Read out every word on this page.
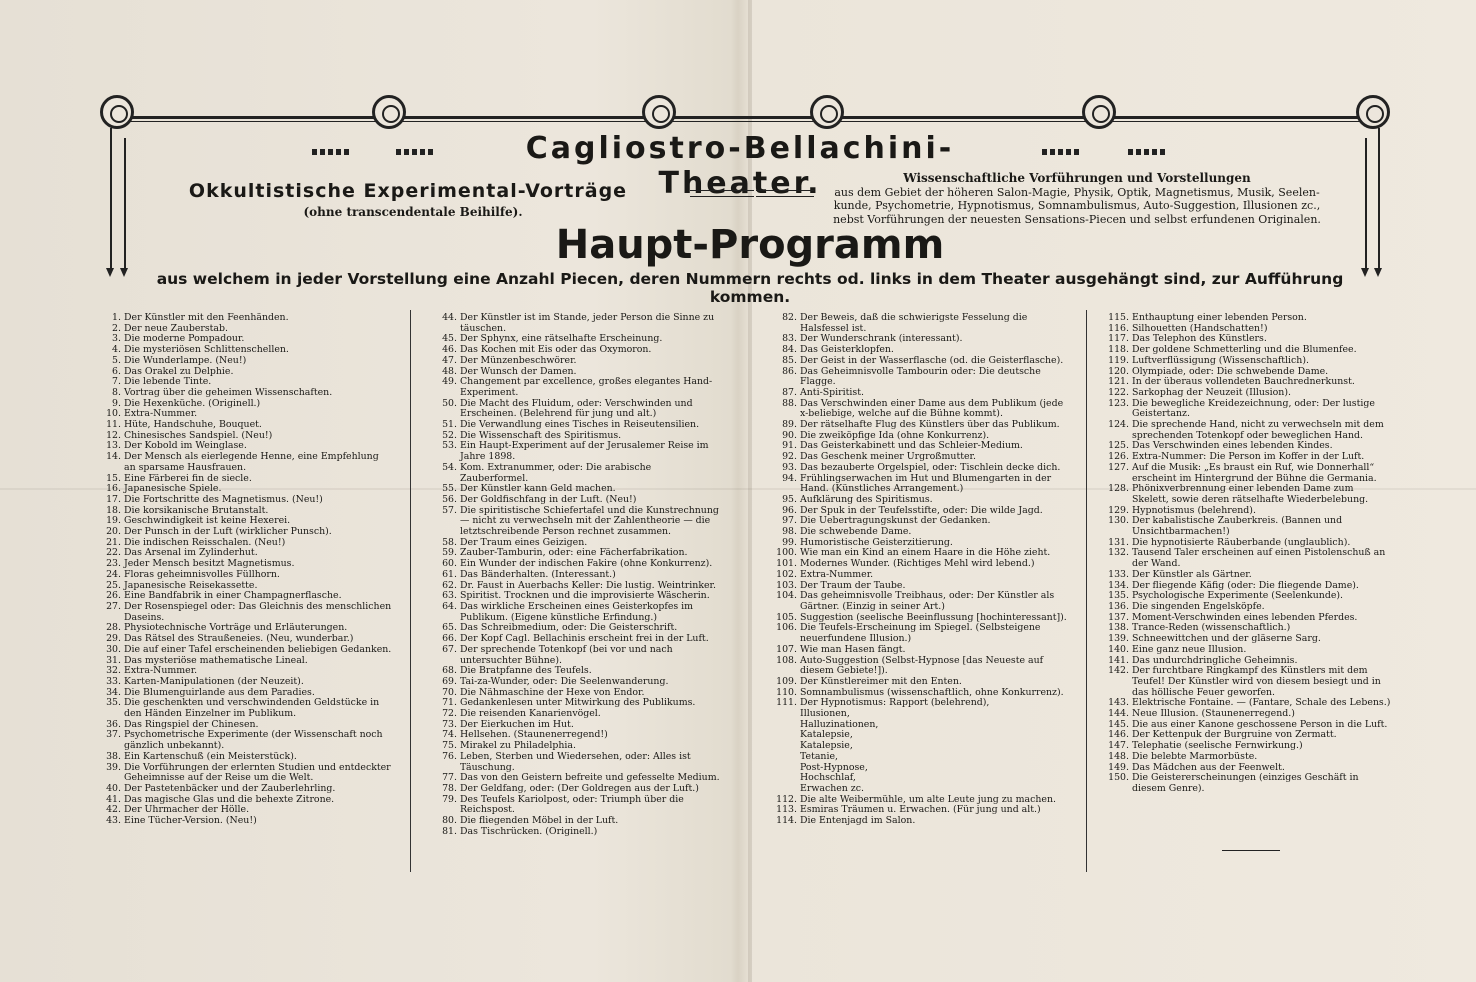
Cagliostro-Bellachini-Theater.
Okkultistische Experimental-Vorträge
(ohne transcendentale Beihilfe).
Wissenschaftliche Vorführungen und Vorstellungen
aus dem Gebiet der höheren Salon-Magie, Physik, Optik, Magnetismus, Musik, Seelen-
kunde, Psychometrie, Hypnotismus, Somnambulismus, Auto-Suggestion, Illusionen zc.,
nebst Vorführungen der neuesten Sensations-Piecen und selbst erfundenen Originalen.
Haupt-Programm
aus welchem in jeder Vorstellung eine Anzahl Piecen, deren Nummern rechts od. links in dem Theater ausgehängt sind, zur Aufführung kommen.
1. Der Künstler mit den Feenhänden.
2. Der neue Zauberstab.
3. Die moderne Pompadour.
4. Die mysteriösen Schlittenschellen.
5. Die Wunderlampe. (Neu!)
6. Das Orakel zu Delphie.
7. Die lebende Tinte.
8. Vortrag über die geheimen Wissenschaften.
9. Die Hexenküche. (Originell.)
10. Extra-Nummer.
11. Hüte, Handschuhe, Bouquet.
12. Chinesisches Sandspiel. (Neu!)
13. Der Kobold im Weinglase.
14. Der Mensch als eierlegende Henne, eine Empfehlung an sparsame Hausfrauen.
15. Eine Färberei fin de siecle.
16. Japanesische Spiele.
17. Die Fortschritte des Magnetismus. (Neu!)
18. Die korsikanische Brutanstalt.
19. Geschwindigkeit ist keine Hexerei.
20. Der Punsch in der Luft (wirklicher Punsch).
21. Die indischen Reisschalen. (Neu!)
22. Das Arsenal im Zylinderhut.
23. Jeder Mensch besitzt Magnetismus.
24. Floras geheimnisvolles Füllhorn.
25. Japanesische Reisekassette.
26. Eine Bandfabrik in einer Champagnerflasche.
27. Der Rosenspiegel oder: Das Gleichnis des menschlichen Daseins.
28. Physiotechnische Vorträge und Erläuterungen.
29. Das Rätsel des Straußeneies. (Neu, wunderbar.)
30. Die auf einer Tafel erscheinenden beliebigen Gedanken.
31. Das mysteriöse mathematische Lineal.
32. Extra-Nummer.
33. Karten-Manipulationen (der Neuzeit).
34. Die Blumenguirlande aus dem Paradies.
35. Die geschenkten und verschwindenden Geldstücke in den Händen Einzelner im Publikum.
36. Das Ringspiel der Chinesen.
37. Psychometrische Experimente (der Wissenschaft noch gänzlich unbekannt).
38. Ein Kartenschuß (ein Meisterstück).
39. Die Vorführungen der erlernten Studien und entdeckter Geheimnisse auf der Reise um die Welt.
40. Der Pastetenbäcker und der Zauberlehrling.
41. Das magische Glas und die behexte Zitrone.
42. Der Uhrmacher der Hölle.
43. Eine Tücher-Version. (Neu!)
44. Der Künstler ist im Stande, jeder Person die Sinne zu täuschen.
45. Der Sphynx, eine rätselhafte Erscheinung.
46. Das Kochen mit Eis oder das Oxymoron.
47. Der Münzenbeschwörer.
48. Der Wunsch der Damen.
49. Changement par excellence, großes elegantes Hand-Experiment.
50. Die Macht des Fluidum, oder: Verschwinden und Erscheinen. (Belehrend für jung und alt.)
51. Die Verwandlung eines Tisches in Reiseutensilien.
52. Die Wissenschaft des Spiritismus.
53. Ein Haupt-Experiment auf der Jerusalemer Reise im Jahre 1898.
54. Kom. Extranummer, oder: Die arabische Zauberformel.
55. Der Künstler kann Geld machen.
56. Der Goldfischfang in der Luft. (Neu!)
57. Die spiritistische Schiefertafel und die Kunstrechnung — nicht zu verwechseln mit der Zahlentheorie — die letztschreibende Person rechnet zusammen.
58. Der Traum eines Geizigen.
59. Zauber-Tamburin, oder: eine Fächerfabrikation.
60. Ein Wunder der indischen Fakire (ohne Konkurrenz).
61. Das Bänderhalten. (Interessant.)
62. Dr. Faust in Auerbachs Keller: Die lustig. Weintrinker.
63. Spiritist. Trocknen und die improvisierte Wäscherin.
64. Das wirkliche Erscheinen eines Geisterkopfes im Publikum. (Eigene künstliche Erfindung.)
65. Das Schreibmedium, oder: Die Geisterschrift.
66. Der Kopf Cagl. Bellachinis erscheint frei in der Luft.
67. Der sprechende Totenkopf (bei vor und nach untersuchter Bühne).
68. Die Bratpfanne des Teufels.
69. Tai-za-Wunder, oder: Die Seelenwanderung.
70. Die Nähmaschine der Hexe von Endor.
71. Gedankenlesen unter Mitwirkung des Publikums.
72. Die reisenden Kanarienvögel.
73. Der Eierkuchen im Hut.
74. Hellsehen. (Staunenerregend!)
75. Mirakel zu Philadelphia.
76. Leben, Sterben und Wiedersehen, oder: Alles ist Täuschung.
77. Das von den Geistern befreite und gefesselte Medium.
78. Der Geldfang, oder: (Der Goldregen aus der Luft.)
79. Des Teufels Kariolpost, oder: Triumph über die Reichspost.
80. Die fliegenden Möbel in der Luft.
81. Das Tischrücken. (Originell.)
82. Der Beweis, daß die schwierigste Fesselung die Halsfessel ist.
83. Der Wunderschrank (interessant).
84. Das Geisterklopfen.
85. Der Geist in der Wasserflasche (od. die Geisterflasche).
86. Das Geheimnisvolle Tambourin oder: Die deutsche Flagge.
87. Anti-Spiritist.
88. Das Verschwinden einer Dame aus dem Publikum (jede x-beliebige, welche auf die Bühne kommt).
89. Der rätselhafte Flug des Künstlers über das Publikum.
90. Die zweiköpfige Ida (ohne Konkurrenz).
91. Das Geisterkabinett und das Schleier-Medium.
92. Das Geschenk meiner Urgroßmutter.
93. Das bezauberte Orgelspiel, oder: Tischlein decke dich.
94. Frühlingserwachen im Hut und Blumengarten in der Hand. (Künstliches Arrangement.)
95. Aufklärung des Spiritismus.
96. Der Spuk in der Teufelsstifte, oder: Die wilde Jagd.
97. Die Uebertragungskunst der Gedanken.
98. Die schwebende Dame.
99. Humoristische Geisterzitierung.
100. Wie man ein Kind an einem Haare in die Höhe zieht.
101. Modernes Wunder. (Richtiges Mehl wird lebend.)
102. Extra-Nummer.
103. Der Traum der Taube.
104. Das geheimnisvolle Treibhaus, oder: Der Künstler als Gärtner. (Einzig in seiner Art.)
105. Suggestion (seelische Beeinflussung [hochinteressant]).
106. Die Teufels-Erscheinung im Spiegel. (Selbsteigene neuerfundene Illusion.)
107. Wie man Hasen fängt.
108. Auto-Suggestion (Selbst-Hypnose [das Neueste auf diesem Gebiete!]).
109. Der Künstlereimer mit den Enten.
110. Somnambulismus (wissenschaftlich, ohne Konkurrenz).
111. Der Hypnotismus: Rapport (belehrend),
Illusionen,
Halluzinationen,
Katalepsie,
Katalepsie,
Tetanie,
Post-Hypnose,
Hochschlaf,
Erwachen zc.
112. Die alte Weibermühle, um alte Leute jung zu machen.
113. Esmiras Träumen u. Erwachen. (Für jung und alt.)
114. Die Entenjagd im Salon.
115. Enthauptung einer lebenden Person.
116. Silhouetten (Handschatten!)
117. Das Telephon des Künstlers.
118. Der goldene Schmetterling und die Blumenfee.
119. Luftverflüssigung (Wissenschaftlich).
120. Olympiade, oder: Die schwebende Dame.
121. In der überaus vollendeten Bauchrednerkunst.
122. Sarkophag der Neuzeit (Illusion).
123. Die bewegliche Kreidezeichnung, oder: Der lustige Geistertanz.
124. Die sprechende Hand, nicht zu verwechseln mit dem sprechenden Totenkopf oder beweglichen Hand.
125. Das Verschwinden eines lebenden Kindes.
126. Extra-Nummer: Die Person im Koffer in der Luft.
127. Auf die Musik: „Es braust ein Ruf, wie Donnerhall“ erscheint im Hintergrund der Bühne die Germania.
128. Phönixverbrennung einer lebenden Dame zum Skelett, sowie deren rätselhafte Wiederbelebung.
129. Hypnotismus (belehrend).
130. Der kabalistische Zauberkreis. (Bannen und Unsichtbarmachen!)
131. Die hypnotisierte Räuberbande (unglaublich).
132. Tausend Taler erscheinen auf einen Pistolenschuß an der Wand.
133. Der Künstler als Gärtner.
134. Der fliegende Käfig (oder: Die fliegende Dame).
135. Psychologische Experimente (Seelenkunde).
136. Die singenden Engelsköpfe.
137. Moment-Verschwinden eines lebenden Pferdes.
138. Trance-Reden (wissenschaftlich.)
139. Schneewittchen und der gläserne Sarg.
140. Eine ganz neue Illusion.
141. Das undurchdringliche Geheimnis.
142. Der furchtbare Ringkampf des Künstlers mit dem Teufel! Der Künstler wird von diesem besiegt und in das höllische Feuer geworfen.
143. Elektrische Fontaine. — (Fantare, Schale des Lebens.)
144. Neue Illusion. (Staunenerregend.)
145. Die aus einer Kanone geschossene Person in die Luft.
146. Der Kettenpuk der Burgruine von Zermatt.
147. Telephatie (seelische Fernwirkung.)
148. Die belebte Marmorbüste.
149. Das Mädchen aus der Feenwelt.
150. Die Geistererscheinungen (einziges Geschäft in diesem Genre).
